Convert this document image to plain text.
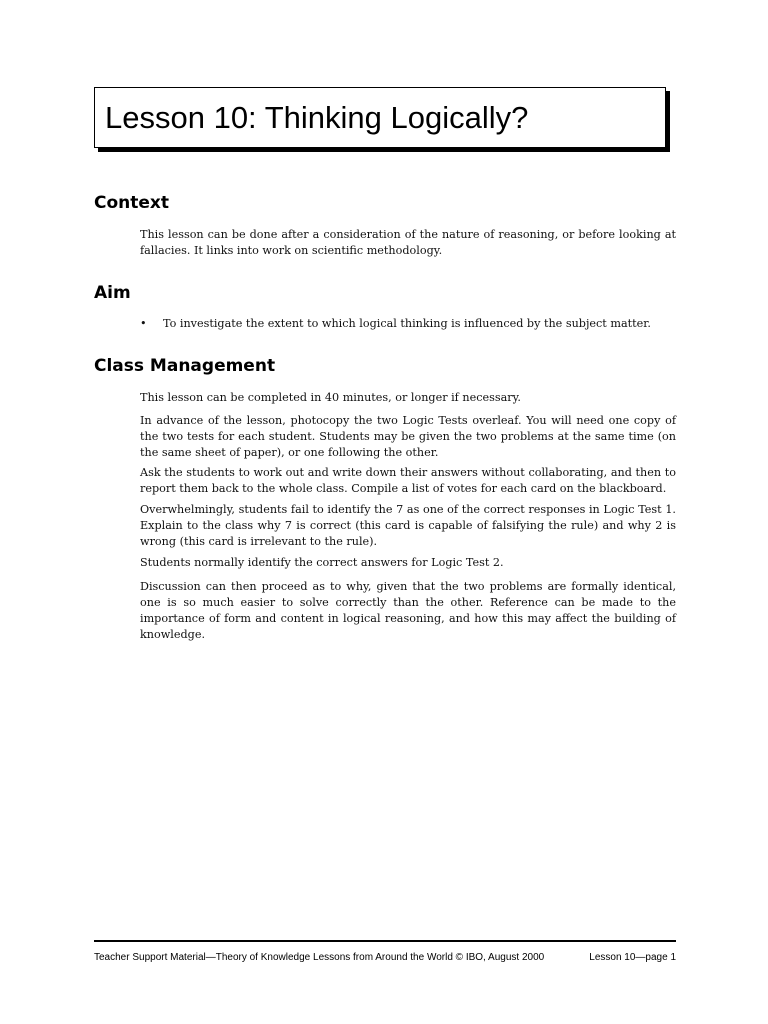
Lesson 10: Thinking Logically?
Context

This lesson can be done after a consideration of the nature of reasoning, or before looking at fallacies. It links into work on scientific methodology.

Aim
• To investigate the extent to which logical thinking is influenced by the subject matter.
Class Management

This lesson can be completed in 40 minutes, or longer if necessary.

In advance of the lesson, photocopy the two Logic Tests overleaf. You will need one copy of the two tests for each student. Students may be given the two problems at the same time (on the same sheet of paper), or one following the other.

Ask the students to work out and write down their answers without collaborating, and then to report them back to the whole class. Compile a list of votes for each card on the blackboard.

Overwhelmingly, students fail to identify the 7 as one of the correct responses in Logic Test 1. Explain to the class why 7 is correct (this card is capable of falsifying the rule) and why 2 is wrong (this card is irrelevant to the rule).

Students normally identify the correct answers for Logic Test 2.

Discussion can then proceed as to why, given that the two problems are formally identical, one is so much easier to solve correctly than the other. Reference can be made to the importance of form and content in logical reasoning, and how this may affect the building of knowledge.

Teacher Support Material—Theory of Knowledge Lessons from Around the World © IBO, August 2000	Lesson 10—page 1
